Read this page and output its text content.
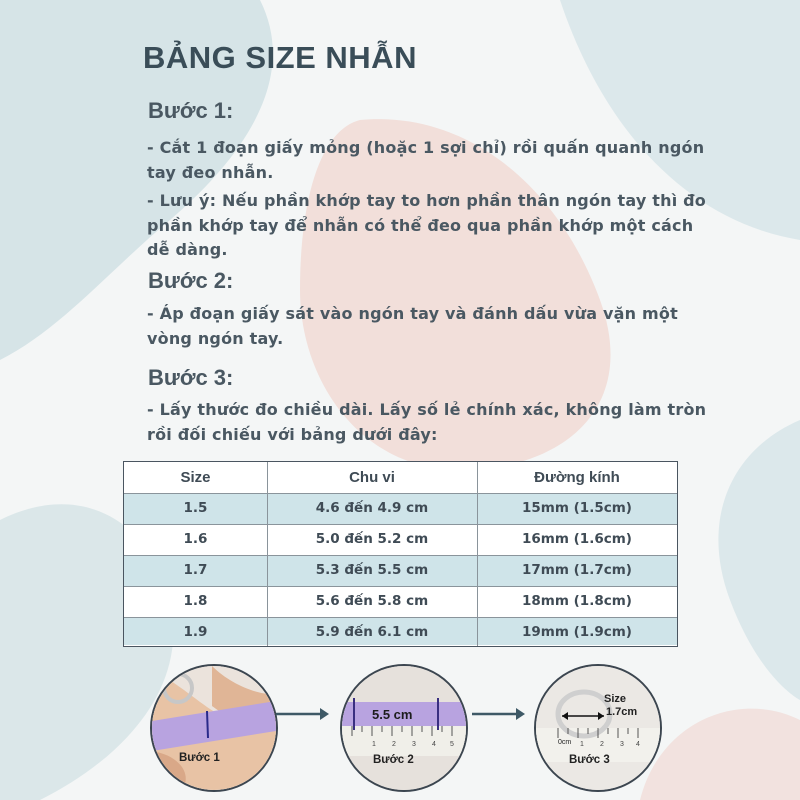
BẢNG SIZE NHẪN
Bước 1:
- Cắt 1 đoạn giấy mỏng (hoặc 1 sợi chỉ) rồi quấn quanh ngón tay đeo nhẫn.
- Lưu ý: Nếu phần khớp tay to hơn phần thân ngón tay thì đo phần khớp tay để nhẫn có thể đeo qua phần khớp một cách dễ dàng.
Bước 2:
- Áp đoạn giấy sát vào ngón tay và đánh dấu vừa vặn một vòng ngón tay.
Bước 3:
- Lấy thước đo chiều dài. Lấy số lẻ chính xác, không làm tròn rồi đối chiếu với bảng dưới đây:
Size	Chu vi	Đường kính
1.5	4.6 đến 4.9 cm	15mm (1.5cm)
1.6	5.0 đến 5.2 cm	16mm (1.6cm)
1.7	5.3 đến 5.5 cm	17mm (1.7cm)
1.8	5.6 đến 5.8 cm	18mm (1.8cm)
1.9	5.9 đến 6.1 cm	19mm (1.9cm)
Bước 1
1 2 3 4 5
5.5 cm
Bước 2
1 2 3 4
Size
1.7cm
0cm
Bước 3
